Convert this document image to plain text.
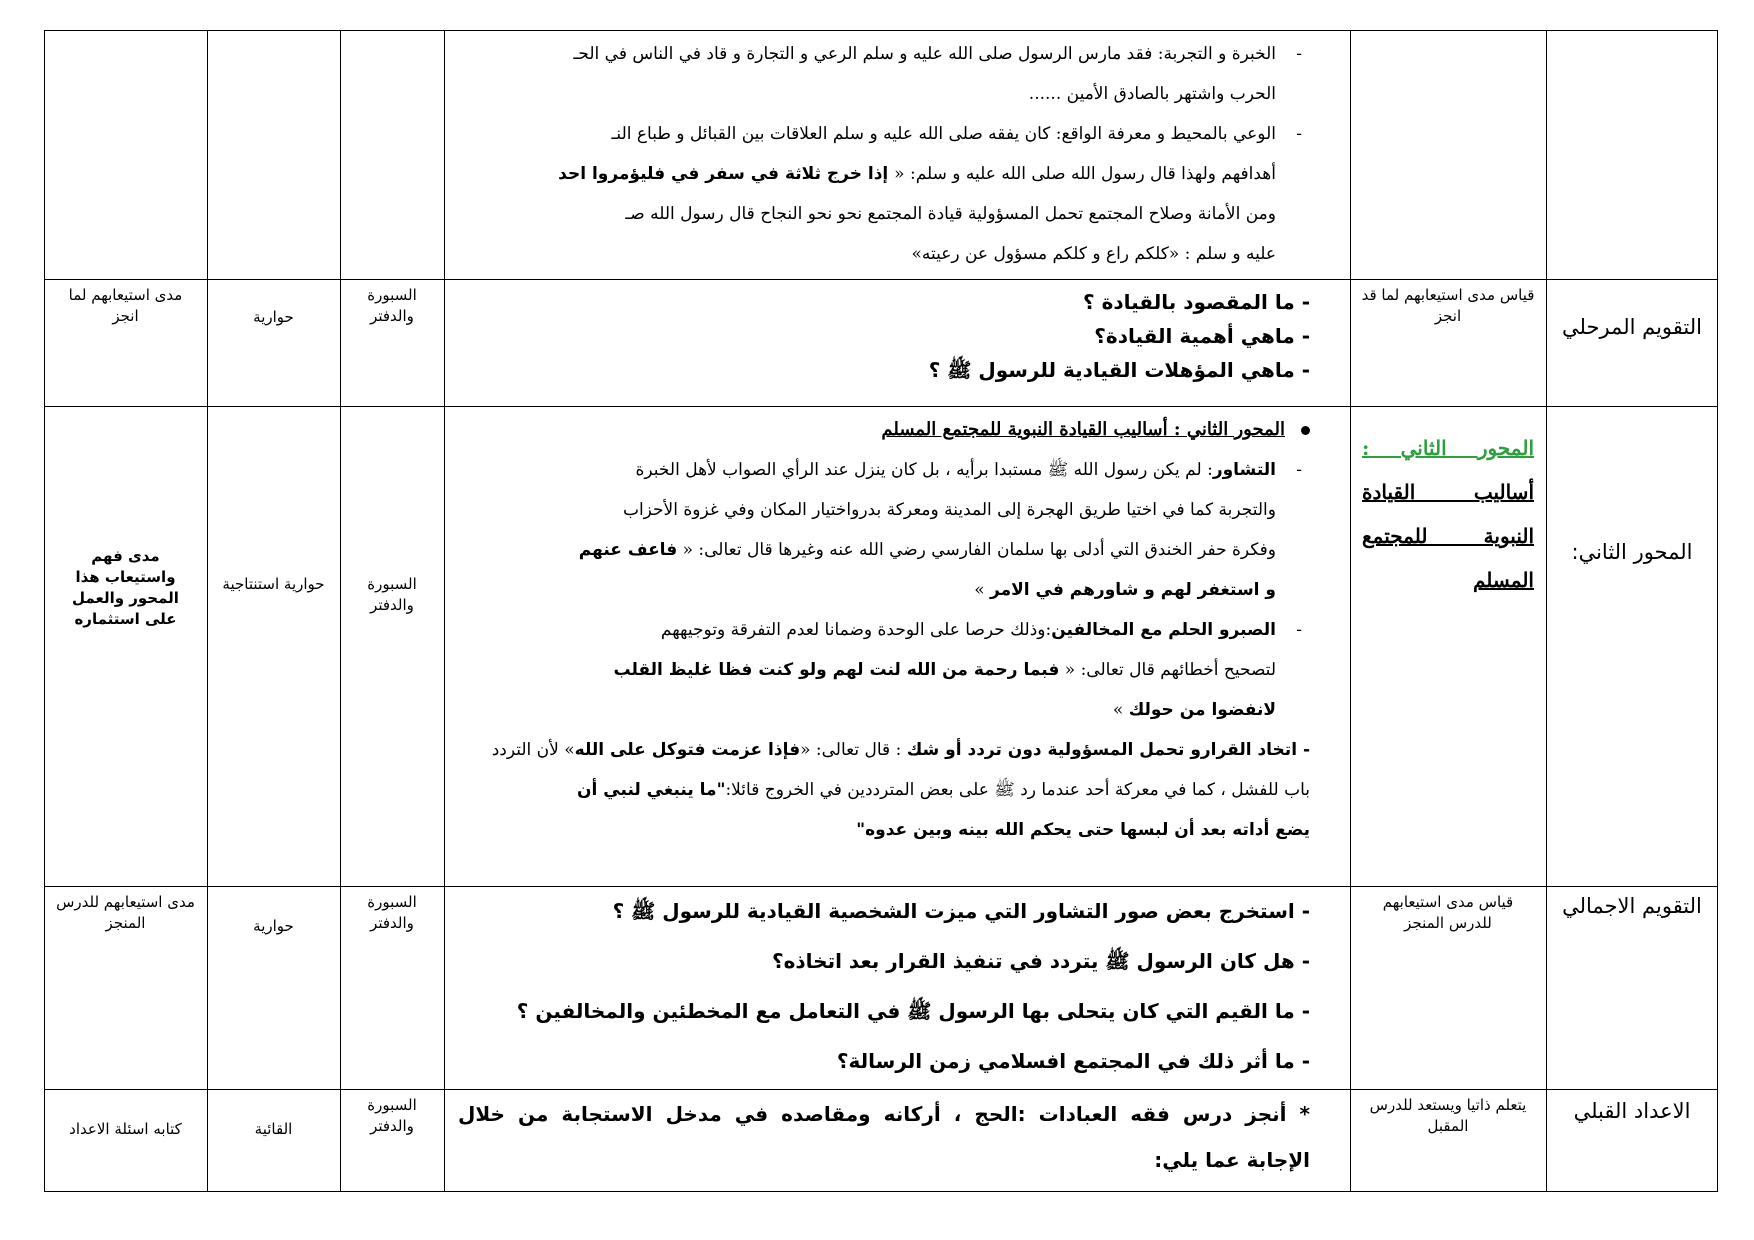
-
الخبرة و التجربة: فقد مارس الرسول صلى الله عليه و سلم الرعي و التجارة و قاد في الناس في الحـ
الحرب واشتهر بالصادق الأمين ......
-
الوعي بالمحيط و معرفة الواقع: كان يفقه صلى الله عليه و سلم العلاقات بين القبائل و طباع النـ
أهدافهم ولهذا قال رسول الله صلى الله عليه و سلم: « إذا خرج ثلاثة في سفر في فليؤمروا احد
ومن الأمانة وصلاح المجتمع تحمل المسؤولية قيادة المجتمع نحو نحو النجاح قال رسول الله صـ
عليه و سلم : «كلكم راع و كلكم مسؤول عن رعيته»
التقويم المرحلي
قياس مدى استيعابهم لما قد انجز
- ما المقصود بالقيادة ؟
- ماهي أهمية القيادة؟
- ماهي المؤهلات القيادية للرسول ﷺ ؟
السبورة والدفتر
حوارية
مدى استيعابهم لما انجز
المحور الثاني:
المحور الثاني :
أساليب القيادة
النبوية للمجتمع
المسلم
المحور الثاني : أساليب القيادة النبوية للمجتمع المسلم
-
التشاور: لم يكن رسول الله ﷺ مستبدا برأيه ، بل كان ينزل عند الرأي الصواب لأهل الخبرة
والتجربة كما في اختيا طريق الهجرة إلى المدينة ومعركة بدرواختيار المكان وفي غزوة الأحزاب
وفكرة حفر الخندق التي أدلى بها سلمان الفارسي رضي الله عنه وغيرها قال تعالى: « فاعف عنهم
و استغفر لهم و شاورهم في الامر »
-
الصبرو الحلم مع المخالفين:وذلك حرصا على الوحدة وضمانا لعدم التفرقة وتوجيههم
لتصحيح أخطائهم قال تعالى: « فبما رحمة من الله لنت لهم ولو كنت فظا غليظ القلب
لانفضوا من حولك »
- اتخاد القرارو تحمل المسؤولية دون تردد أو شك : قال تعالى: «فإذا عزمت فتوكل على الله» لأن التردد
باب للفشل ، كما في معركة أحد عندما رد ﷺ على بعض المترددين في الخروج قائلا:"ما ينبغي لنبي أن
يضع أداته بعد أن لبسها حتى يحكم الله بينه وبين عدوه"
السبورة والدفتر
حوارية استنتاجية
مدى فهم واستيعاب هذا المحور والعمل على استثماره
التقويم الاجمالي
قياس مدى استيعابهم للدرس المنجز
- استخرج بعض صور التشاور التي ميزت الشخصية القيادية للرسول ﷺ ؟
- هل كان الرسول ﷺ يتردد في تنفيذ القرار بعد اتخاذه؟
- ما القيم التي كان يتحلى بها الرسول ﷺ في التعامل مع المخطئين والمخالفين ؟
- ما أثر ذلك في المجتمع افسلامي زمن الرسالة؟
السبورة والدفتر
حوارية
مدى استيعابهم للدرس المنجز
الاعداد القبلي
يتعلم ذاتيا ويستعد للدرس المقبل
* أنجز درس فقه العبادات :الحج ، أركانه ومقاصده في مدخل الاستجابة من خلال
الإجابة عما يلي:
السبورة والدفتر
القائية
كتابه اسئلة الاعداد
